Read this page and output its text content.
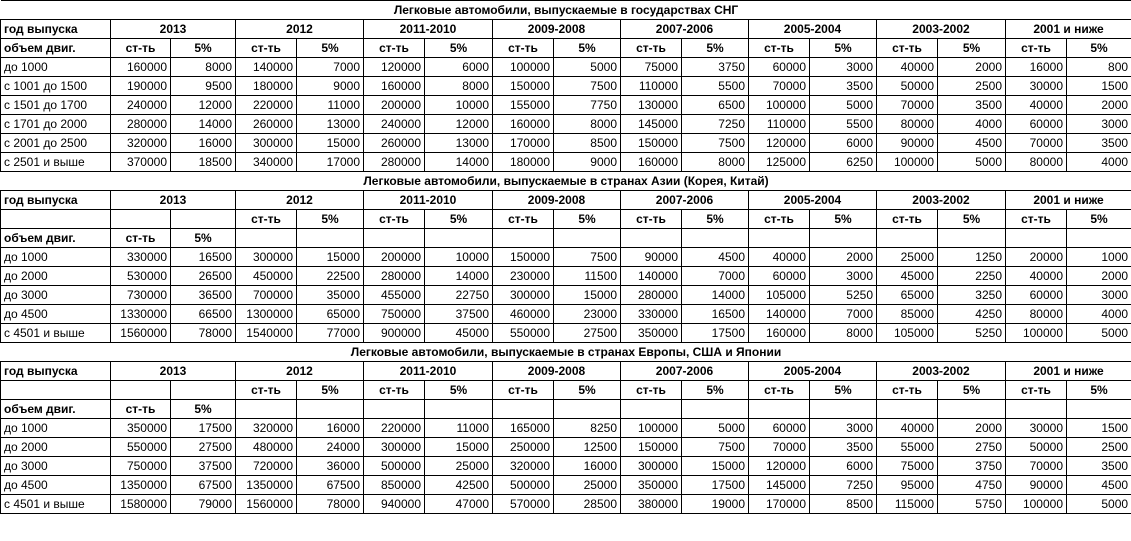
Легковые автомобили, выпускаемые в государствах СНГ																
год выпуска	2013		2012		2011-2010		2009-2008		2007-2006		2005-2004		2003-2002		2001 и ниже	
объем двиг.	ст-ть	5%	ст-ть	5%	ст-ть	5%	ст-ть	5%	ст-ть	5%	ст-ть	5%	ст-ть	5%	ст-ть	5%
до 1000	160000	8000	140000	7000	120000	6000	100000	5000	75000	3750	60000	3000	40000	2000	16000	800
с 1001 до 1500	190000	9500	180000	9000	160000	8000	150000	7500	110000	5500	70000	3500	50000	2500	30000	1500
с 1501 до 1700	240000	12000	220000	11000	200000	10000	155000	7750	130000	6500	100000	5000	70000	3500	40000	2000
с 1701 до 2000	280000	14000	260000	13000	240000	12000	160000	8000	145000	7250	110000	5500	80000	4000	60000	3000
с 2001 до 2500	320000	16000	300000	15000	260000	13000	170000	8500	150000	7500	120000	6000	90000	4500	70000	3500
с 2501 и выше	370000	18500	340000	17000	280000	14000	180000	9000	160000	8000	125000	6250	100000	5000	80000	4000
Легковые автомобили, выпускаемые в странах Азии (Корея, Китай)																
год выпуска	2013		2012		2011-2010		2009-2008		2007-2006		2005-2004		2003-2002		2001 и ниже	
			ст-ть	5%	ст-ть	5%	ст-ть	5%	ст-ть	5%	ст-ть	5%	ст-ть	5%	ст-ть	5%
объем двиг.	ст-ть	5%														
до 1000	330000	16500	300000	15000	200000	10000	150000	7500	90000	4500	40000	2000	25000	1250	20000	1000
до 2000	530000	26500	450000	22500	280000	14000	230000	11500	140000	7000	60000	3000	45000	2250	40000	2000
до 3000	730000	36500	700000	35000	455000	22750	300000	15000	280000	14000	105000	5250	65000	3250	60000	3000
до 4500	1330000	66500	1300000	65000	750000	37500	460000	23000	330000	16500	140000	7000	85000	4250	80000	4000
с 4501 и выше	1560000	78000	1540000	77000	900000	45000	550000	27500	350000	17500	160000	8000	105000	5250	100000	5000
Легковые автомобили, выпускаемые в странах Европы, США и Японии																
год выпуска	2013		2012		2011-2010		2009-2008		2007-2006		2005-2004		2003-2002		2001 и ниже	
			ст-ть	5%	ст-ть	5%	ст-ть	5%	ст-ть	5%	ст-ть	5%	ст-ть	5%	ст-ть	5%
объем двиг.	ст-ть	5%														
до 1000	350000	17500	320000	16000	220000	11000	165000	8250	100000	5000	60000	3000	40000	2000	30000	1500
до 2000	550000	27500	480000	24000	300000	15000	250000	12500	150000	7500	70000	3500	55000	2750	50000	2500
до 3000	750000	37500	720000	36000	500000	25000	320000	16000	300000	15000	120000	6000	75000	3750	70000	3500
до 4500	1350000	67500	1350000	67500	850000	42500	500000	25000	350000	17500	145000	7250	95000	4750	90000	4500
с 4501 и выше	1580000	79000	1560000	78000	940000	47000	570000	28500	380000	19000	170000	8500	115000	5750	100000	5000
